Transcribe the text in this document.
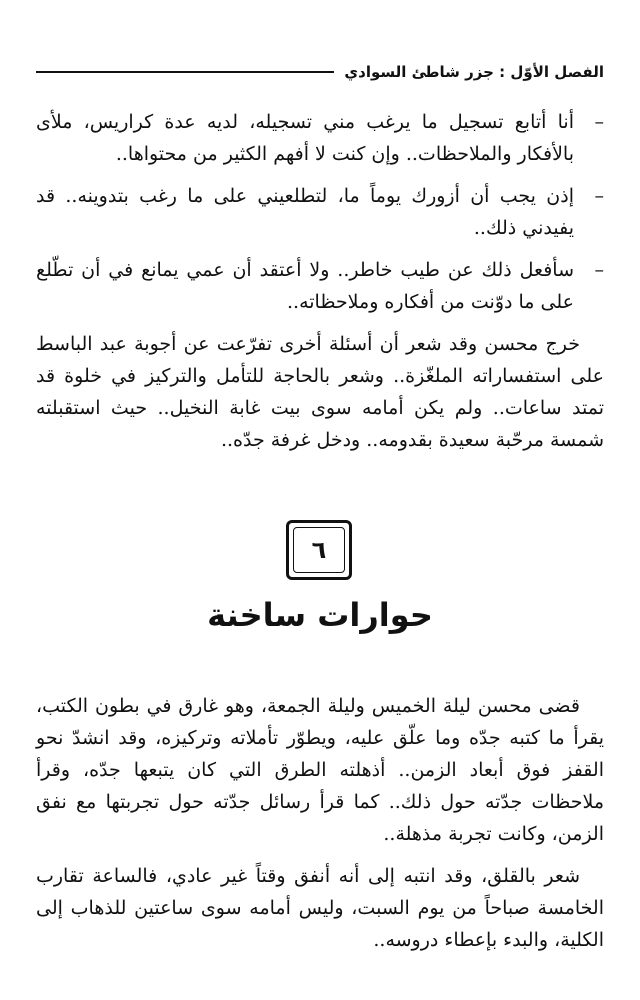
الفصل الأوّل : جزر شاطئ السوادي
–
أنا أتابع تسجيل ما يرغب مني تسجيله، لديه عدة كراريس، ملأى بالأفكار والملاحظات.. وإن كنت لا أفهم الكثير من محتواها..
–
إذن يجب أن أزورك يوماً ما، لتطلعيني على ما رغب بتدوينه.. قد يفيدني ذلك..
–
سأفعل ذلك عن طيب خاطر.. ولا أعتقد أن عمي يمانع في أن تطّلع على ما دوّنت من أفكاره وملاحظاته..

خرج محسن وقد شعر أن أسئلة أخرى تفرّعت عن أجوبة عبد الباسط على استفساراته الملغّزة.. وشعر بالحاجة للتأمل والتركيز في خلوة قد تمتد ساعات.. ولم يكن أمامه سوى بيت غابة النخيل.. حيث استقبلته شمسة مرحّبة سعيدة بقدومه.. ودخل غرفة جدّه..

٦
حوارات ساخنة

قضى محسن ليلة الخميس وليلة الجمعة، وهو غارق في بطون الكتب، يقرأ ما كتبه جدّه وما علّق عليه، ويطوّر تأملاته وتركيزه، وقد انشدّ نحو القفز فوق أبعاد الزمن.. أذهلته الطرق التي كان يتبعها جدّه، وقرأ ملاحظات جدّته حول ذلك.. كما قرأ رسائل جدّته حول تجربتها مع نفق الزمن، وكانت تجربة مذهلة..

شعر بالقلق، وقد انتبه إلى أنه أنفق وقتاً غير عادي، فالساعة تقارب الخامسة صباحاً من يوم السبت، وليس أمامه سوى ساعتين للذهاب إلى الكلية، والبدء بإعطاء دروسه..
